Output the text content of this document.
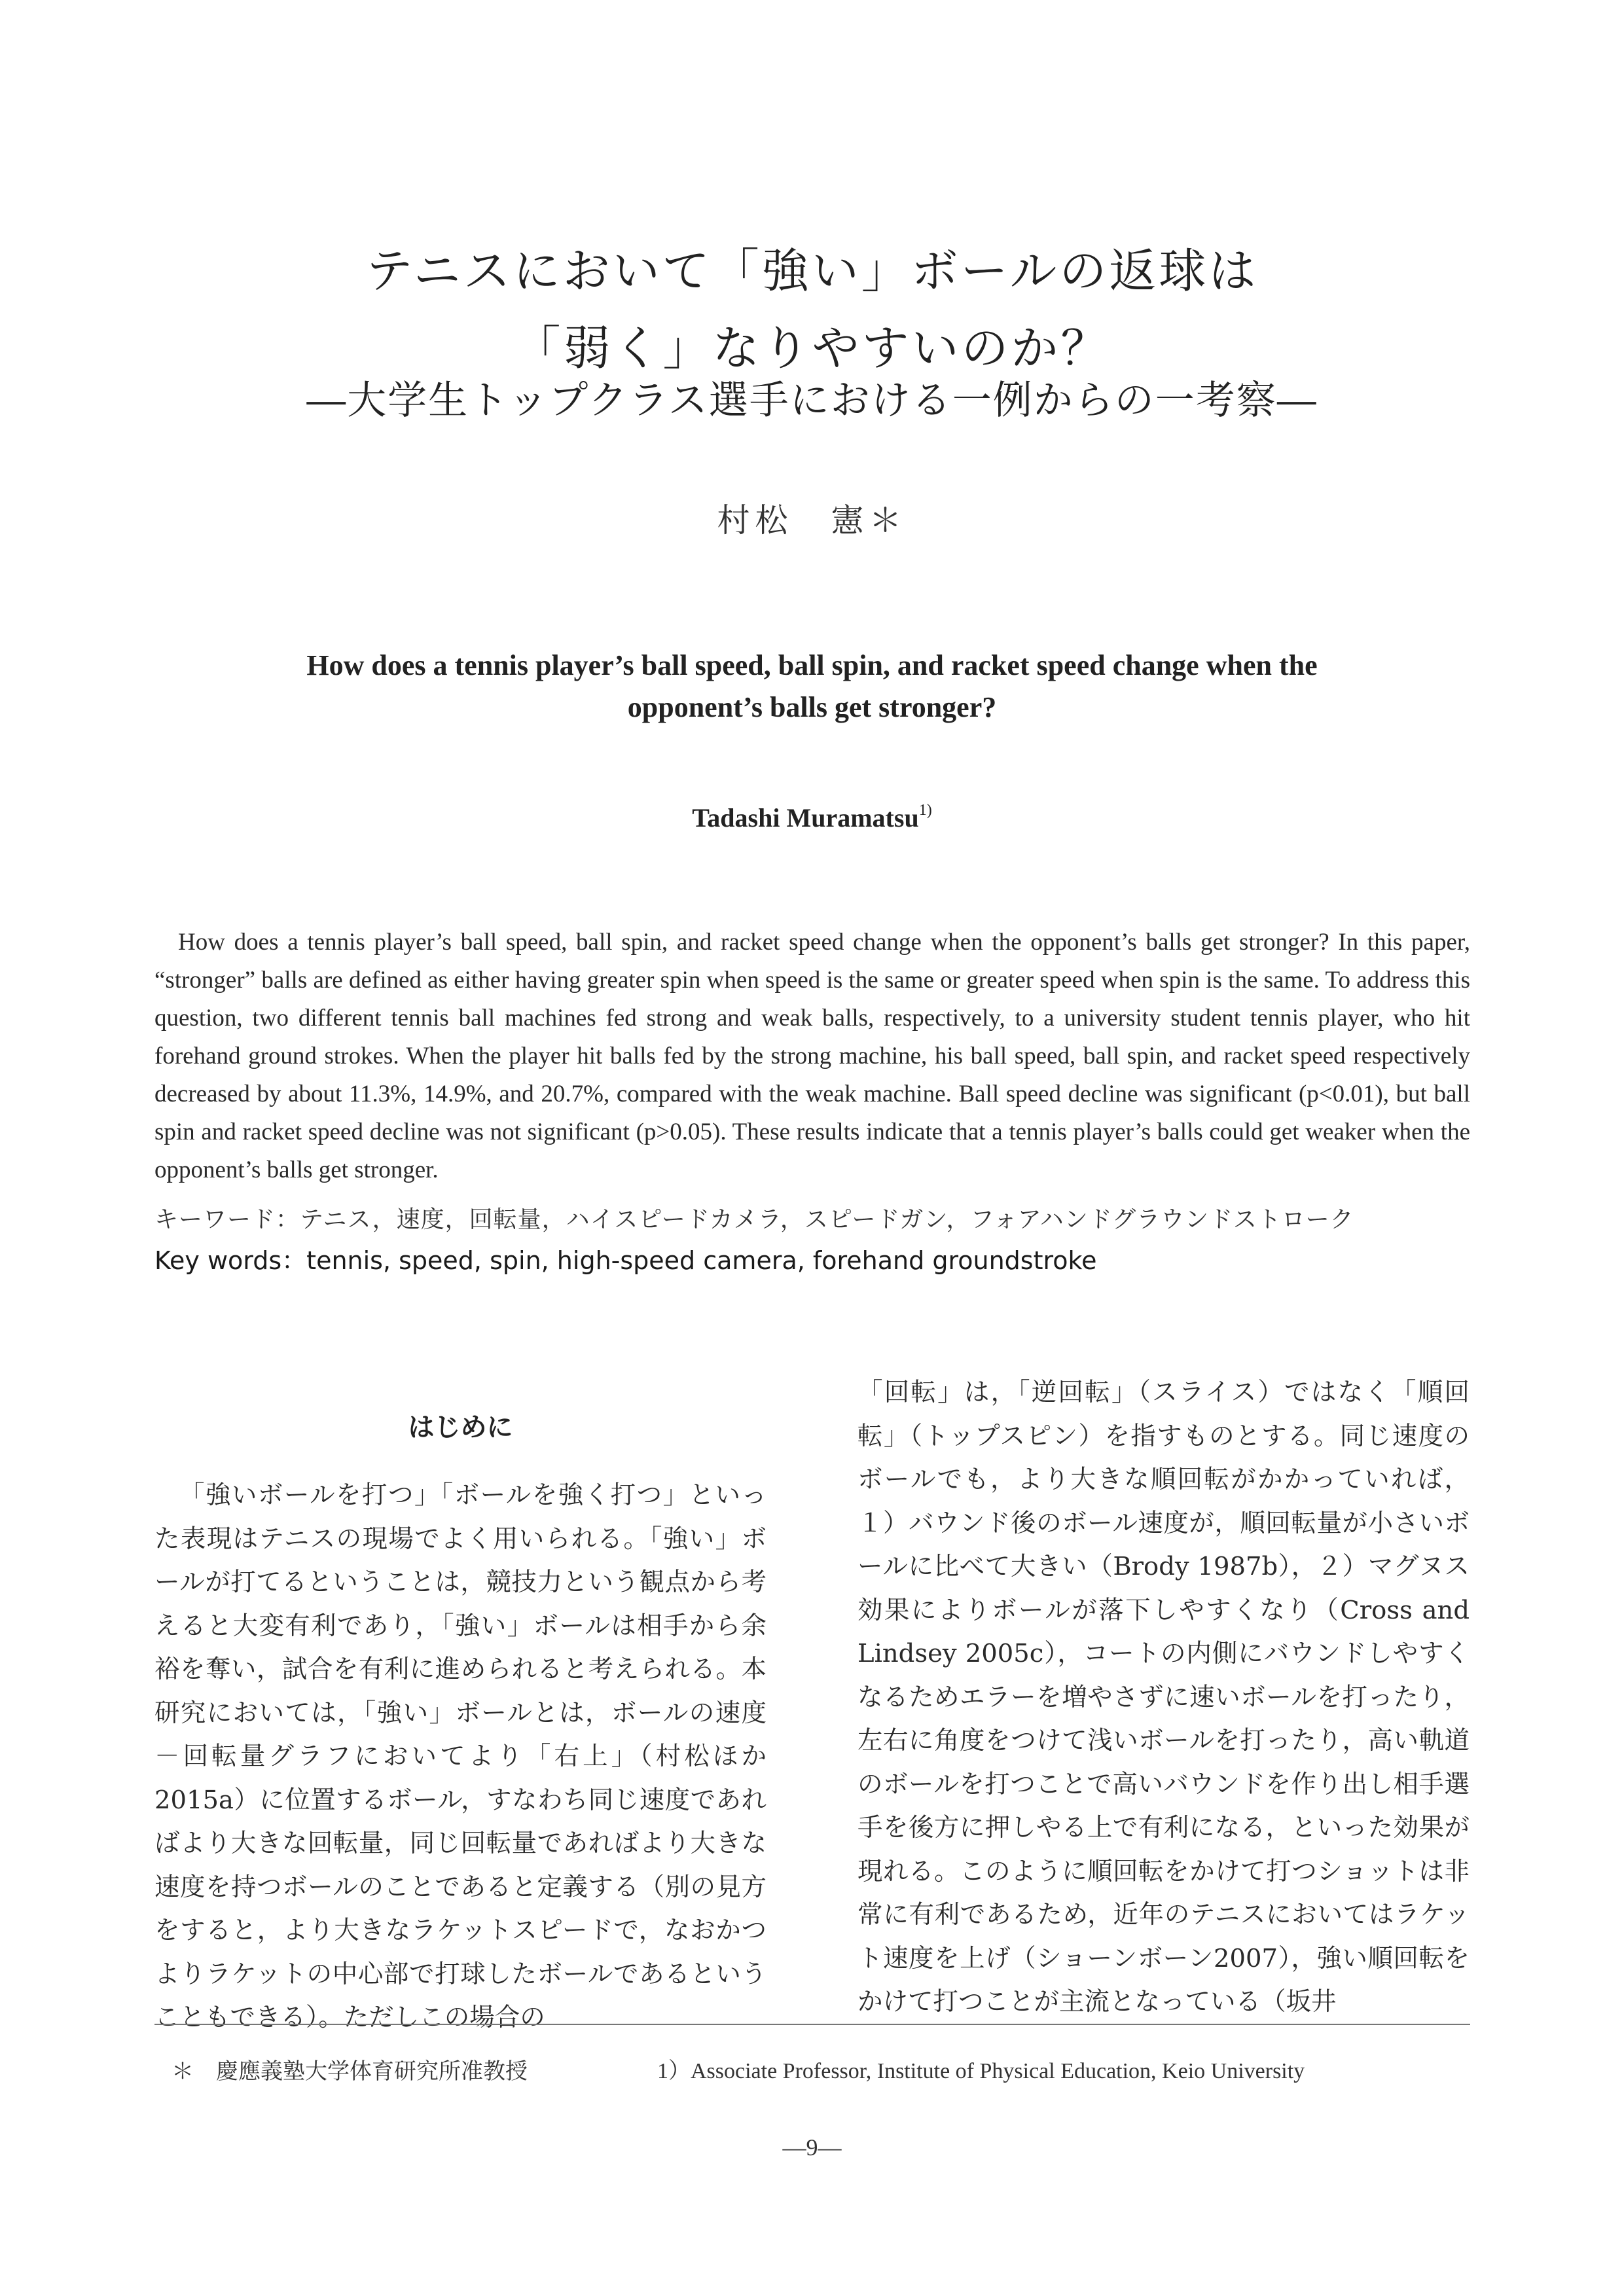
テニスにおいて「強い」ボールの返球は
「弱く」なりやすいのか？
―大学生トップクラス選手における一例からの一考察―
村松　憲＊
How does a tennis player’s ball speed, ball spin, and racket speed change when the
opponent’s balls get stronger?
Tadashi Muramatsu$^{1)}$

How does a tennis player’s ball speed, ball spin, and racket speed change when the opponent’s balls get stronger? In this paper, “stronger” balls are defined as either having greater spin when speed is the same or greater speed when spin is the same. To address this question, two different tennis ball machines fed strong and weak balls, respectively, to a university student tennis player, who hit forehand ground strokes. When the player hit balls fed by the strong machine, his ball speed, ball spin, and racket speed respectively decreased by about 11.3%, 14.9%, and 20.7%, compared with the weak machine. Ball speed decline was significant (p<0.01), but ball spin and racket speed decline was not significant (p>0.05). These results indicate that a tennis player’s balls could get weaker when the opponent’s balls get stronger.

キーワード：テニス，速度，回転量，ハイスピードカメラ，スピードガン，フォアハンドグラウンドストローク
Key words：tennis, speed, spin, high-speed camera, forehand groundstroke
はじめに

「強いボールを打つ」「ボールを強く打つ」といった表現はテニスの現場でよく用いられる。「強い」ボールが打てるということは，競技力という観点から考えると大変有利であり，「強い」ボールは相手から余裕を奪い，試合を有利に進められると考えられる。本研究においては，「強い」ボールとは，ボールの速度－回転量グラフにおいてより「右上」（村松ほか2015a）に位置するボール，すなわち同じ速度であればより大きな回転量，同じ回転量であればより大きな速度を持つボールのことであると定義する（別の見方をすると，より大きなラケットスピードで，なおかつよりラケットの中心部で打球したボールであるということもできる）。ただしこの場合の

「回転」は，「逆回転」（スライス）ではなく「順回転」（トップスピン）を指すものとする。同じ速度のボールでも，より大きな順回転がかかっていれば，１）バウンド後のボール速度が，順回転量が小さいボールに比べて大きい（Brody 1987b），２）マグヌス効果によりボールが落下しやすくなり（Cross and Lindsey 2005c），コートの内側にバウンドしやすくなるためエラーを増やさずに速いボールを打ったり，左右に角度をつけて浅いボールを打ったり，高い軌道のボールを打つことで高いバウンドを作り出し相手選手を後方に押しやる上で有利になる，といった効果が現れる。このように順回転をかけて打つショットは非常に有利であるため，近年のテニスにおいてはラケット速度を上げ（ショーンボーン2007），強い順回転をかけて打つことが主流となっている（坂井

＊　慶應義塾大学体育研究所准教授	1）Associate Professor, Institute of Physical Education, Keio University
―9―
